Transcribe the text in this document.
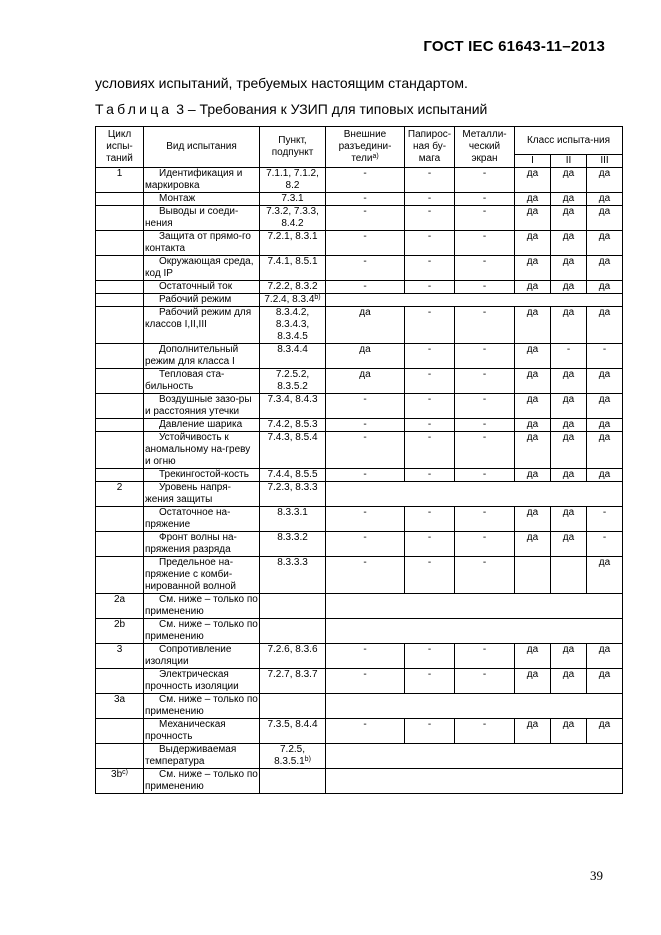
ГОСТ IEC 61643-11–2013
условиях испытаний, требуемых настоящим стандартом.
Таблица 3 – Требования к УЗИП для типовых испытаний
Цикл испы-таний	Вид испытания	Пункт, подпункт	Внешние разъедини-тели$^{а)}$	Папирос-ная бу-мага	Металли-ческий экран	Класс испыта-ния		
						I	II	III
1	Идентификация и маркировка	7.1.1, 7.1.2, 8.2	-	-	-	да	да	да
	Монтаж	7.3.1	-	-	-	да	да	да
	Выводы и соеди-нения	7.3.2, 7.3.3, 8.4.2	-	-	-	да	да	да
	Защита от прямо-го контакта	7.2.1, 8.3.1	-	-	-	да	да	да
	Окружающая среда, код IP	7.4.1, 8.5.1	-	-	-	да	да	да
	Остаточный ток	7.2.2, 8.3.2	-	-	-	да	да	да
	Рабочий режим	7.2.4, 8.3.4$^{b)}$	
	Рабочий режим для классов I,II,III	8.3.4.2, 8.3.4.3, 8.3.4.5	да	-	-	да	да	да
	Дополнительный режим для класса I	8.3.4.4	да	-	-	да	-	-
	Тепловая ста-бильность	7.2.5.2, 8.3.5.2	да	-	-	да	да	да
	Воздушные зазо-ры и расстояния утечки	7.3.4, 8.4.3	-	-	-	да	да	да
	Давление шарика	7.4.2, 8.5.3	-	-	-	да	да	да
	Устойчивость к аномальному на-греву и огню	7.4.3, 8.5.4	-	-	-	да	да	да
	Трекингостой-кость	7.4.4, 8.5.5	-	-	-	да	да	да
2	Уровень напря-жения защиты	7.2.3, 8.3.3						
	Остаточное на-пряжение	8.3.3.1	-	-	-	да	да	-
	Фронт волны на-пряжения разряда	8.3.3.2	-	-	-	да	да	-
	Предельное на-пряжение с комби-нированной волной	8.3.3.3	-	-	-			да
2a	См. ниже – только по применению							
2b	См. ниже – только по применению							
3	Сопротивление изоляции	7.2.6, 8.3.6	-	-	-	да	да	да
	Электрическая прочность изоляции	7.2.7, 8.3.7	-	-	-	да	да	да
3a	См. ниже – только по применению							
	Механическая прочность	7.3.5, 8.4.4	-	-	-	да	да	да
	Выдерживаемая температура	7.2.5, 8.3.5.1$^{b)}$	
$3b^{c)}$	См. ниже – только по применению							
39
